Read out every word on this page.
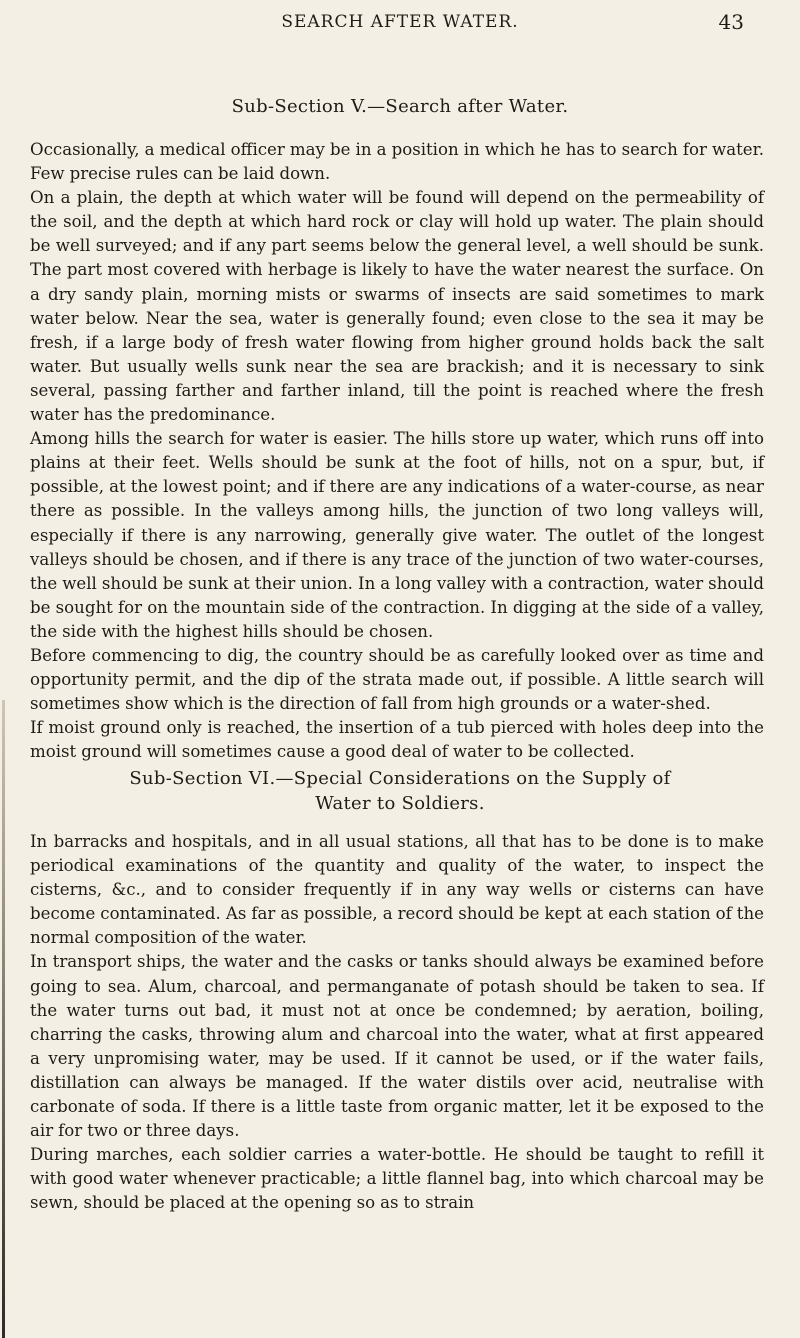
SEARCH AFTER WATER.	43

Sub-Section V.—Search after Water.

Occasionally, a medical officer may be in a position in which he has to search for water. Few precise rules can be laid down.

On a plain, the depth at which water will be found will depend on the permeability of the soil, and the depth at which hard rock or clay will hold up water. The plain should be well surveyed; and if any part seems below the general level, a well should be sunk. The part most covered with herbage is likely to have the water nearest the surface. On a dry sandy plain, morning mists or swarms of insects are said sometimes to mark water below. Near the sea, water is generally found; even close to the sea it may be fresh, if a large body of fresh water flowing from higher ground holds back the salt water. But usually wells sunk near the sea are brackish; and it is necessary to sink several, passing farther and farther inland, till the point is reached where the fresh water has the predominance.

Among hills the search for water is easier. The hills store up water, which runs off into plains at their feet. Wells should be sunk at the foot of hills, not on a spur, but, if possible, at the lowest point; and if there are any indications of a water-course, as near there as possible. In the valleys among hills, the junction of two long valleys will, especially if there is any narrowing, generally give water. The outlet of the longest valleys should be chosen, and if there is any trace of the junction of two water-courses, the well should be sunk at their union. In a long valley with a contraction, water should be sought for on the mountain side of the contraction. In digging at the side of a valley, the side with the highest hills should be chosen.

Before commencing to dig, the country should be as carefully looked over as time and opportunity permit, and the dip of the strata made out, if possible. A little search will sometimes show which is the direction of fall from high grounds or a water-shed.

If moist ground only is reached, the insertion of a tub pierced with holes deep into the moist ground will sometimes cause a good deal of water to be collected.

Sub-Section VI.—Special Considerations on the Supply of

Water to Soldiers.

In barracks and hospitals, and in all usual stations, all that has to be done is to make periodical examinations of the quantity and quality of the water, to inspect the cisterns, &c., and to consider frequently if in any way wells or cisterns can have become contaminated. As far as possible, a record should be kept at each station of the normal composition of the water.

In transport ships, the water and the casks or tanks should always be examined before going to sea. Alum, charcoal, and permanganate of potash should be taken to sea. If the water turns out bad, it must not at once be condemned; by aeration, boiling, charring the casks, throwing alum and charcoal into the water, what at first appeared a very unpromising water, may be used. If it cannot be used, or if the water fails, distillation can always be managed. If the water distils over acid, neutralise with carbonate of soda. If there is a little taste from organic matter, let it be exposed to the air for two or three days.

During marches, each soldier carries a water-bottle. He should be taught to refill it with good water whenever practicable; a little flannel bag, into which charcoal may be sewn, should be placed at the opening so as to strain
